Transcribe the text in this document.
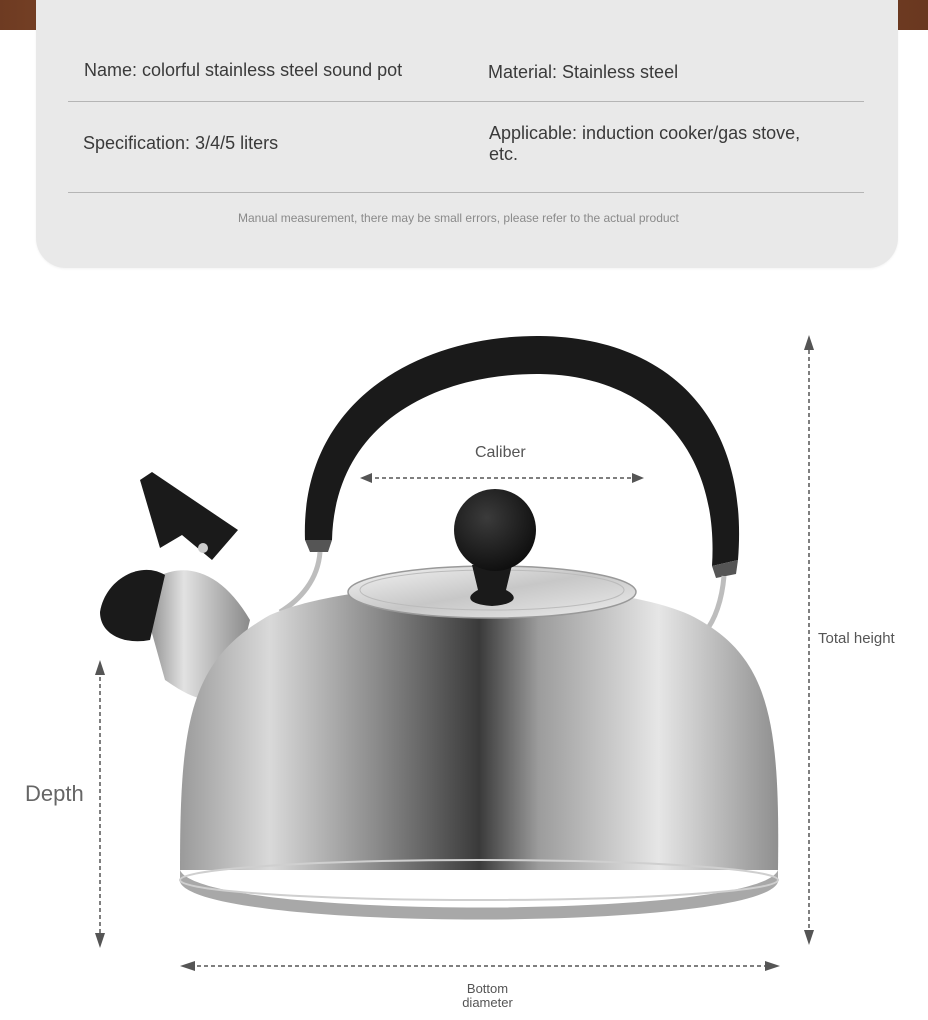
Name: colorful stainless steel sound pot	Material: Stainless steel
Specification: 3/4/5 liters	Applicable: induction cooker/gas stove, etc.
Manual measurement, there may be small errors, please refer to the actual product
Caliber
Total height
Depth
Bottom diameter
